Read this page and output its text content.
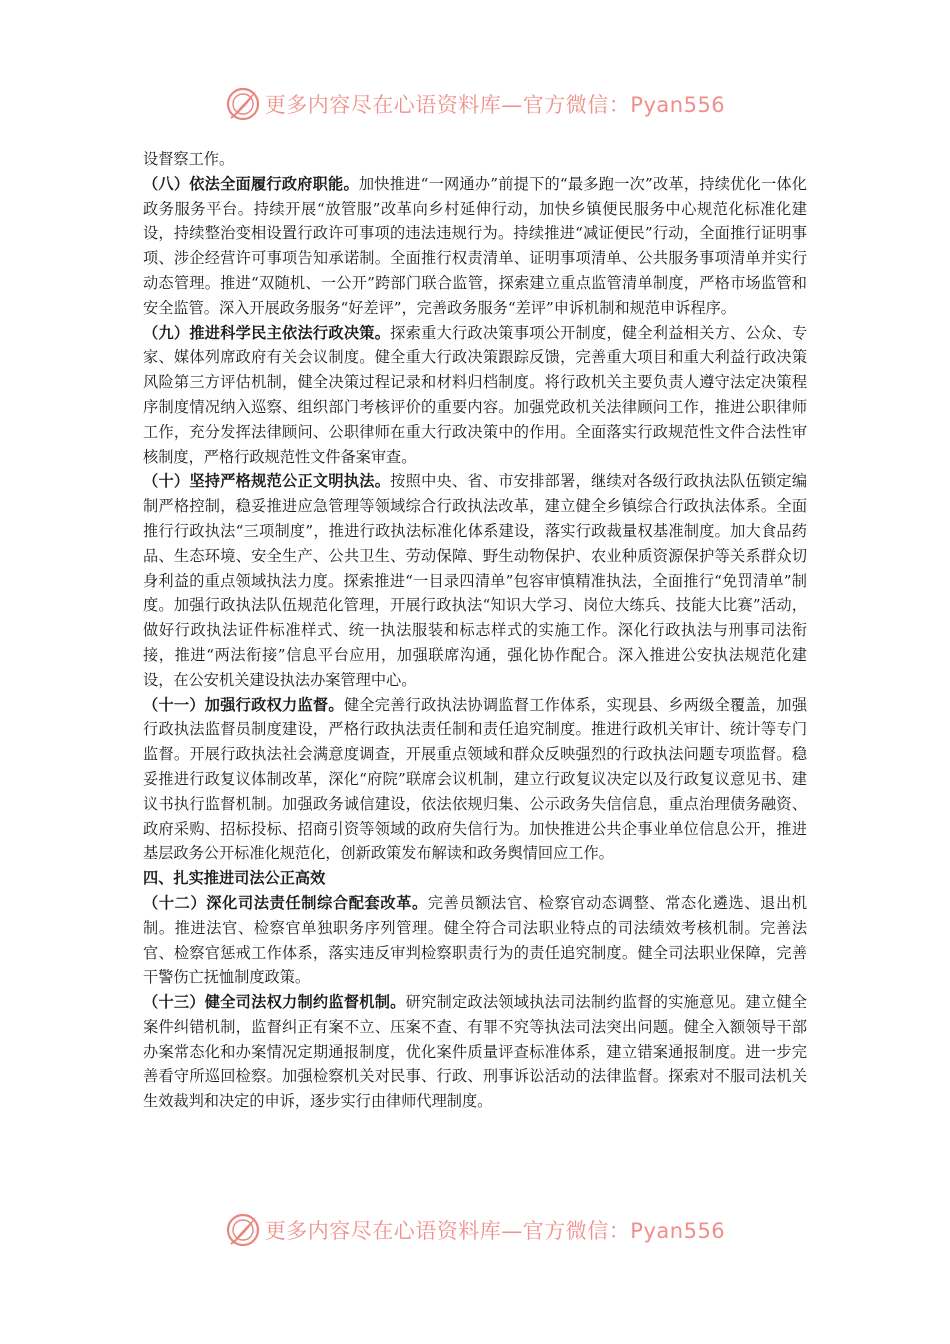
更多内容尽在心语资料库—官方微信：Pyan556

设督察工作。

（八）依法全面履行政府职能。加快推进“一网通办”前提下的“最多跑一次”改革，持续优化一体化政务服务平台。持续开展“放管服”改革向乡村延伸行动，加快乡镇便民服务中心规范化标准化建设，持续整治变相设置行政许可事项的违法违规行为。持续推进“减证便民”行动，全面推行证明事项、涉企经营许可事项告知承诺制。全面推行权责清单、证明事项清单、公共服务事项清单并实行动态管理。推进“双随机、一公开”跨部门联合监管，探索建立重点监管清单制度，严格市场监管和安全监管。深入开展政务服务“好差评”，完善政务服务“差评”申诉机制和规范申诉程序。

（九）推进科学民主依法行政决策。探索重大行政决策事项公开制度，健全利益相关方、公众、专家、媒体列席政府有关会议制度。健全重大行政决策跟踪反馈，完善重大项目和重大利益行政决策风险第三方评估机制，健全决策过程记录和材料归档制度。将行政机关主要负责人遵守法定决策程序制度情况纳入巡察、组织部门考核评价的重要内容。加强党政机关法律顾问工作，推进公职律师工作，充分发挥法律顾问、公职律师在重大行政决策中的作用。全面落实行政规范性文件合法性审核制度，严格行政规范性文件备案审查。

（十）坚持严格规范公正文明执法。按照中央、省、市安排部署，继续对各级行政执法队伍锁定编制严格控制，稳妥推进应急管理等领域综合行政执法改革，建立健全乡镇综合行政执法体系。全面推行行政执法“三项制度”，推进行政执法标准化体系建设，落实行政裁量权基准制度。加大食品药品、生态环境、安全生产、公共卫生、劳动保障、野生动物保护、农业种质资源保护等关系群众切身利益的重点领域执法力度。探索推进“一目录四清单”包容审慎精准执法，全面推行“免罚清单”制度。加强行政执法队伍规范化管理，开展行政执法“知识大学习、岗位大练兵、技能大比赛”活动，做好行政执法证件标准样式、统一执法服装和标志样式的实施工作。深化行政执法与刑事司法衔接，推进“两法衔接”信息平台应用，加强联席沟通，强化协作配合。深入推进公安执法规范化建设，在公安机关建设执法办案管理中心。

（十一）加强行政权力监督。健全完善行政执法协调监督工作体系，实现县、乡两级全覆盖，加强行政执法监督员制度建设，严格行政执法责任制和责任追究制度。推进行政机关审计、统计等专门监督。开展行政执法社会满意度调查，开展重点领域和群众反映强烈的行政执法问题专项监督。稳妥推进行政复议体制改革，深化“府院”联席会议机制，建立行政复议决定以及行政复议意见书、建议书执行监督机制。加强政务诚信建设，依法依规归集、公示政务失信信息，重点治理债务融资、政府采购、招标投标、招商引资等领域的政府失信行为。加快推进公共企事业单位信息公开，推进基层政务公开标准化规范化，创新政策发布解读和政务舆情回应工作。

四、扎实推进司法公正高效

（十二）深化司法责任制综合配套改革。完善员额法官、检察官动态调整、常态化遴选、退出机制。推进法官、检察官单独职务序列管理。健全符合司法职业特点的司法绩效考核机制。完善法官、检察官惩戒工作体系，落实违反审判检察职责行为的责任追究制度。健全司法职业保障，完善干警伤亡抚恤制度政策。

（十三）健全司法权力制约监督机制。研究制定政法领域执法司法制约监督的实施意见。建立健全案件纠错机制，监督纠正有案不立、压案不查、有罪不究等执法司法突出问题。健全入额领导干部办案常态化和办案情况定期通报制度，优化案件质量评查标准体系，建立错案通报制度。进一步完善看守所巡回检察。加强检察机关对民事、行政、刑事诉讼活动的法律监督。探索对不服司法机关生效裁判和决定的申诉，逐步实行由律师代理制度。

更多内容尽在心语资料库—官方微信：Pyan556
